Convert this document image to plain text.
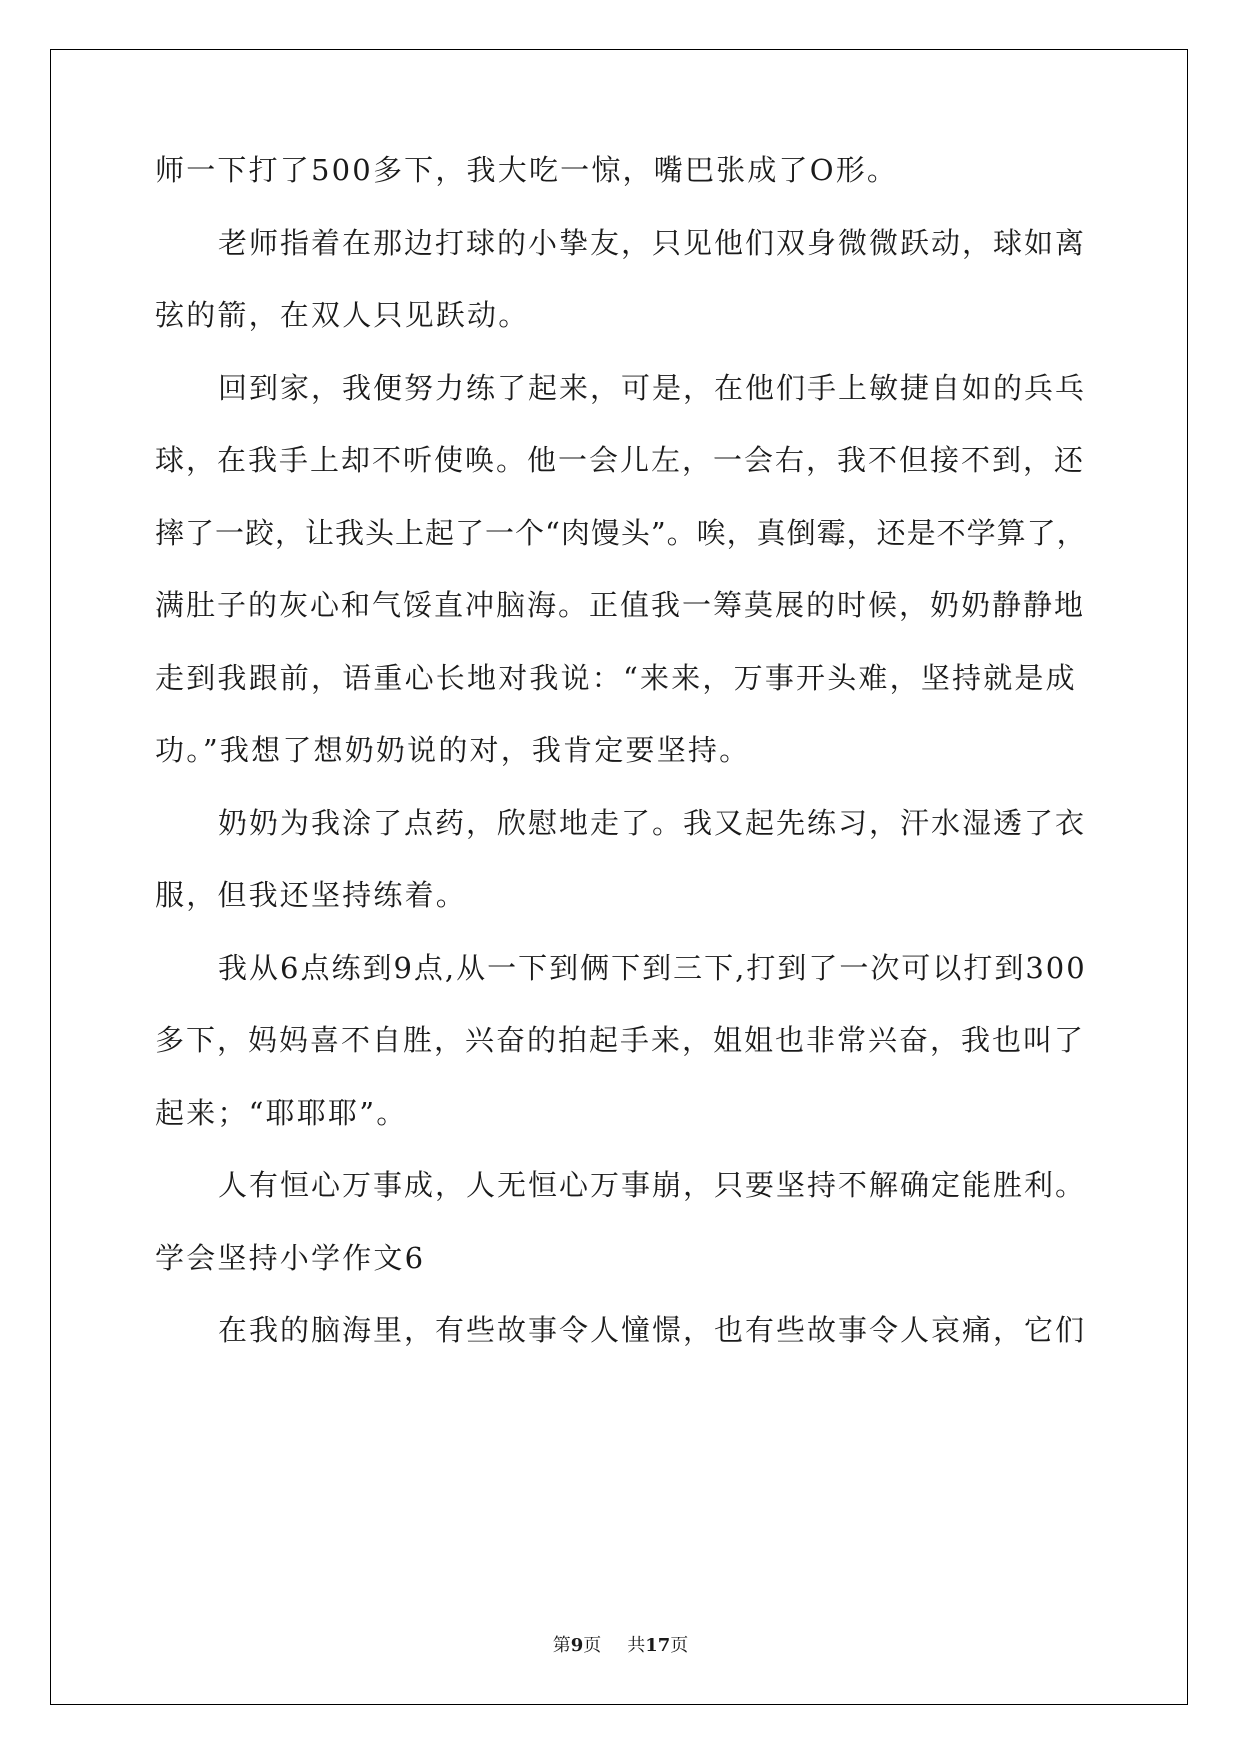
师一下打了500多下，我大吃一惊，嘴巴张成了O形。
老师指着在那边打球的小挚友，只见他们双身微微跃动，球如离
弦的箭，在双人只见跃动。
回到家，我便努力练了起来，可是，在他们手上敏捷自如的兵乓
球，在我手上却不听使唤。他一会儿左，一会右，我不但接不到，还
摔了一跤，让我头上起了一个“肉馒头”。唉，真倒霉，还是不学算了，
满肚子的灰心和气馁直冲脑海。正值我一筹莫展的时候，奶奶静静地
走到我跟前，语重心长地对我说：“来来，万事开头难，坚持就是成
功。”我想了想奶奶说的对，我肯定要坚持。
奶奶为我涂了点药，欣慰地走了。我又起先练习，汗水湿透了衣
服，但我还坚持练着。
我从6点练到9点,从一下到俩下到三下,打到了一次可以打到300
多下，妈妈喜不自胜，兴奋的拍起手来，姐姐也非常兴奋，我也叫了
起来；“耶耶耶”。
人有恒心万事成，人无恒心万事崩，只要坚持不解确定能胜利。
学会坚持小学作文6
在我的脑海里，有些故事令人憧憬，也有些故事令人哀痛，它们
第9页 共17页
